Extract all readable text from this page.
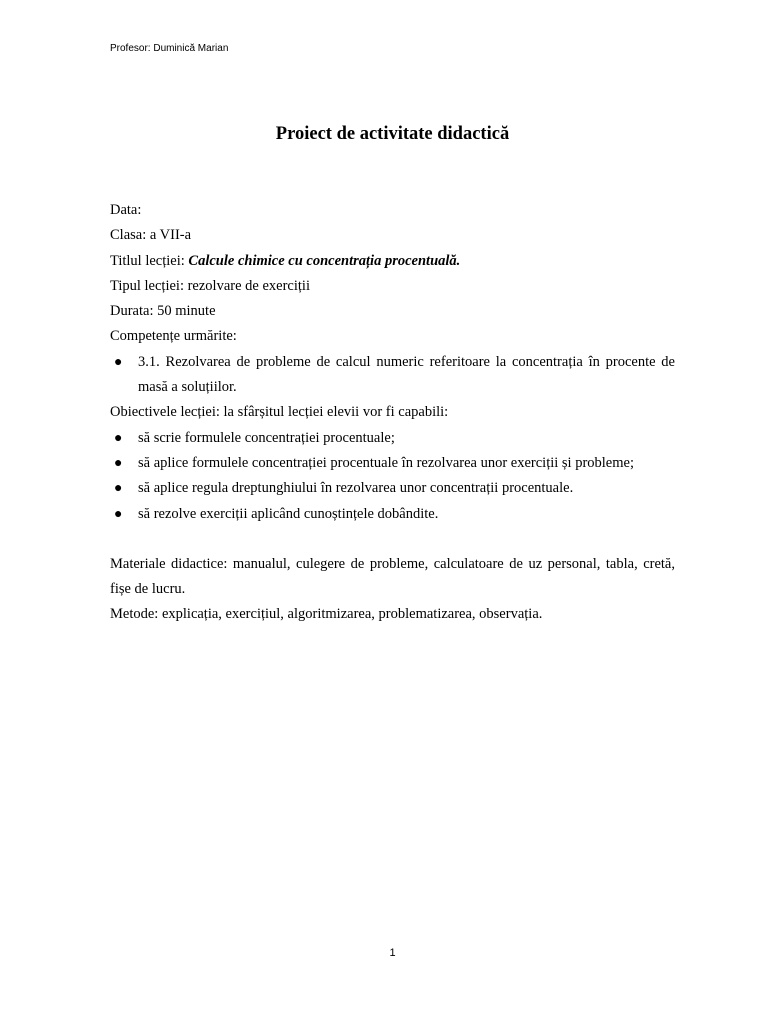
Profesor: Duminică Marian
Proiect de activitate didactică
Data:
Clasa: a VII-a
Titlul lecției: Calcule chimice cu concentrația procentuală.
Tipul lecției: rezolvare de exerciții
Durata: 50 minute
Competențe urmărite:
● 3.1. Rezolvarea de probleme de calcul numeric referitoare la concentrația în procente de masă a soluțiilor.
Obiectivele lecției: la sfârșitul lecției elevii vor fi capabili:
● să scrie formulele concentrației procentuale;
● să aplice formulele concentrației procentuale în rezolvarea unor exerciții și probleme;
● să aplice regula dreptunghiului în rezolvarea unor concentrații procentuale.
● să rezolve exerciții aplicând cunoștințele dobândite.
Materiale didactice: manualul, culegere de probleme, calculatoare de uz personal, tabla, cretă, fișe de lucru.
Metode: explicația, exercițiul, algoritmizarea, problematizarea, observația.
1
